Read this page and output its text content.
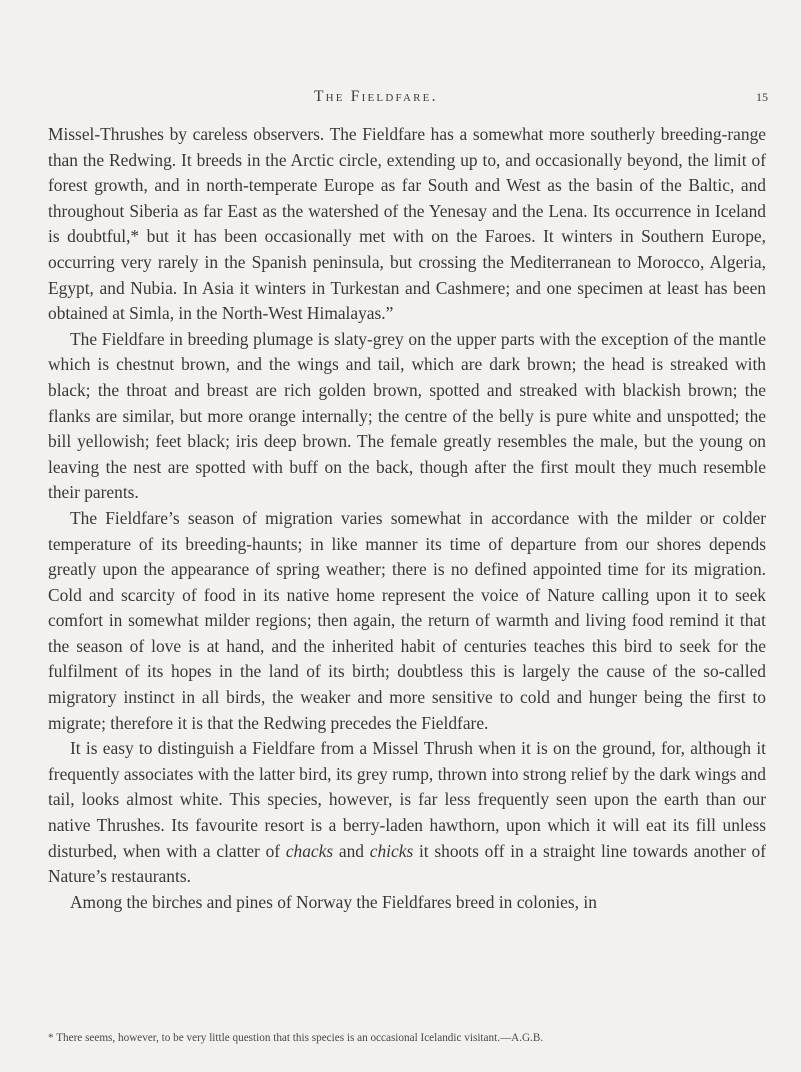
The Fieldfare.	15

Missel-Thrushes by careless observers. The Fieldfare has a somewhat more southerly breeding-range than the Redwing. It breeds in the Arctic circle, extending up to, and occasionally beyond, the limit of forest growth, and in north-temperate Europe as far South and West as the basin of the Baltic, and throughout Siberia as far East as the watershed of the Yenesay and the Lena. Its occurrence in Iceland is doubtful,* but it has been occasionally met with on the Faroes. It winters in Southern Europe, occurring very rarely in the Spanish peninsula, but crossing the Mediterranean to Morocco, Algeria, Egypt, and Nubia. In Asia it winters in Turkestan and Cashmere; and one specimen at least has been obtained at Simla, in the North-West Himalayas.”

The Fieldfare in breeding plumage is slaty-grey on the upper parts with the exception of the mantle which is chestnut brown, and the wings and tail, which are dark brown; the head is streaked with black; the throat and breast are rich golden brown, spotted and streaked with blackish brown; the flanks are similar, but more orange internally; the centre of the belly is pure white and unspotted; the bill yellowish; feet black; iris deep brown. The female greatly resembles the male, but the young on leaving the nest are spotted with buff on the back, though after the first moult they much resemble their parents.

The Fieldfare’s season of migration varies somewhat in accordance with the milder or colder temperature of its breeding-haunts; in like manner its time of departure from our shores depends greatly upon the appearance of spring weather; there is no defined appointed time for its migration. Cold and scarcity of food in its native home represent the voice of Nature calling upon it to seek comfort in somewhat milder regions; then again, the return of warmth and living food remind it that the season of love is at hand, and the inherited habit of centuries teaches this bird to seek for the fulfilment of its hopes in the land of its birth; doubtless this is largely the cause of the so-called migratory instinct in all birds, the weaker and more sensitive to cold and hunger being the first to migrate; therefore it is that the Redwing precedes the Fieldfare.

It is easy to distinguish a Fieldfare from a Missel Thrush when it is on the ground, for, although it frequently associates with the latter bird, its grey rump, thrown into strong relief by the dark wings and tail, looks almost white. This species, however, is far less frequently seen upon the earth than our native Thrushes. Its favourite resort is a berry-laden hawthorn, upon which it will eat its fill unless disturbed, when with a clatter of chacks and chicks it shoots off in a straight line towards another of Nature’s restaurants.

Among the birches and pines of Norway the Fieldfares breed in colonies, in

* There seems, however, to be very little question that this species is an occasional Icelandic visitant.—A.G.B.
